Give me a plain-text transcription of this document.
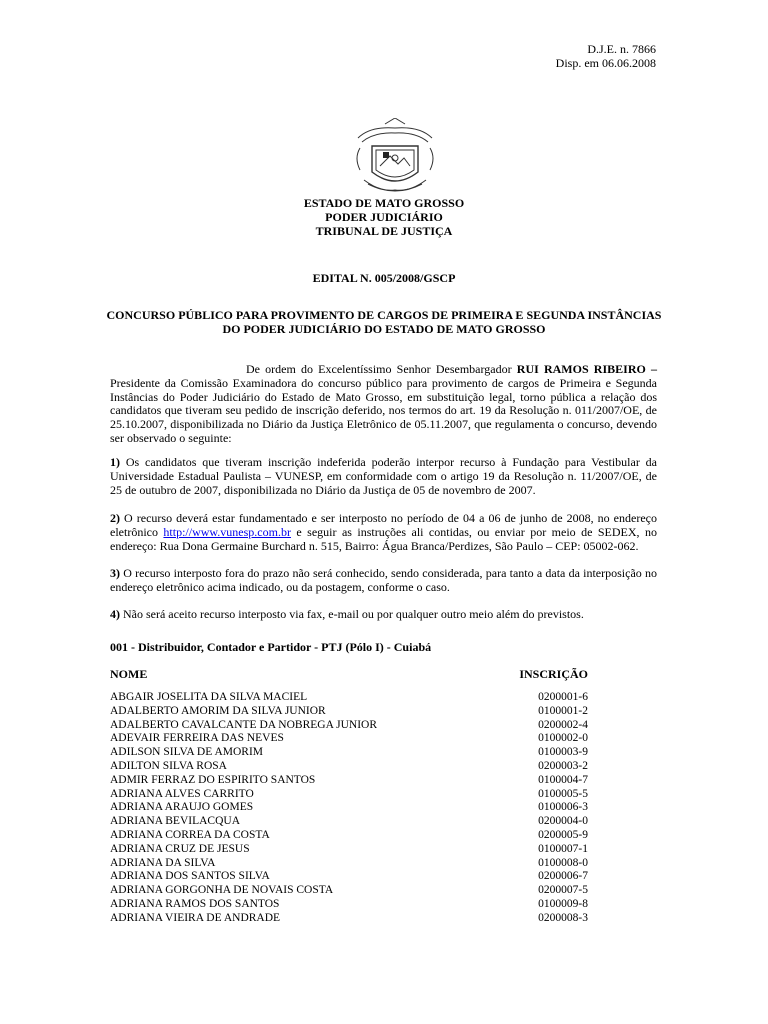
D.J.E. n. 7866
Disp. em 06.06.2008
ESTADO DE MATO GROSSO
PODER JUDICIÁRIO
TRIBUNAL DE JUSTIÇA
EDITAL N. 005/2008/GSCP
CONCURSO PÚBLICO PARA PROVIMENTO DE CARGOS DE PRIMEIRA E SEGUNDA INSTÂNCIAS
DO PODER JUDICIÁRIO DO ESTADO DE MATO GROSSO
De ordem do Excelentíssimo Senhor Desembargador RUI RAMOS RIBEIRO – Presidente da Comissão Examinadora do concurso público para provimento de cargos de Primeira e Segunda Instâncias do Poder Judiciário do Estado de Mato Grosso, em substituição legal, torno pública a relação dos candidatos que tiveram seu pedido de inscrição deferido, nos termos do art. 19 da Resolução n. 011/2007/OE, de 25.10.2007, disponibilizada no Diário da Justiça Eletrônico de 05.11.2007, que regulamenta o concurso, devendo ser observado o seguinte:
1) Os candidatos que tiveram inscrição indeferida poderão interpor recurso à Fundação para Vestibular da Universidade Estadual Paulista – VUNESP, em conformidade com o artigo 19 da Resolução n. 11/2007/OE, de 25 de outubro de 2007, disponibilizada no Diário da Justiça de 05 de novembro de 2007.
2) O recurso deverá estar fundamentado e ser interposto no período de 04 a 06 de junho de 2008, no endereço eletrônico http://www.vunesp.com.br e seguir as instruções ali contidas, ou enviar por meio de SEDEX, no endereço: Rua Dona Germaine Burchard n. 515, Bairro: Água Branca/Perdizes, São Paulo – CEP: 05002-062.
3) O recurso interposto fora do prazo não será conhecido, sendo considerada, para tanto a data da interposição no endereço eletrônico acima indicado, ou da postagem, conforme o caso.
4) Não será aceito recurso interposto via fax, e-mail ou por qualquer outro meio além do previstos.
001 - Distribuidor, Contador e Partidor - PTJ (Pólo I) - Cuiabá
NOME	INSCRIÇÃO
ABGAIR JOSELITA DA SILVA MACIEL	0200001-6
ADALBERTO AMORIM DA SILVA JUNIOR	0100001-2
ADALBERTO CAVALCANTE DA NOBREGA JUNIOR	0200002-4
ADEVAIR FERREIRA DAS NEVES	0100002-0
ADILSON SILVA DE AMORIM	0100003-9
ADILTON SILVA ROSA	0200003-2
ADMIR FERRAZ DO ESPIRITO SANTOS	0100004-7
ADRIANA ALVES CARRITO	0100005-5
ADRIANA ARAUJO GOMES	0100006-3
ADRIANA BEVILACQUA	0200004-0
ADRIANA CORREA DA COSTA	0200005-9
ADRIANA CRUZ DE JESUS	0100007-1
ADRIANA DA SILVA	0100008-0
ADRIANA DOS SANTOS SILVA	0200006-7
ADRIANA GORGONHA DE NOVAIS COSTA	0200007-5
ADRIANA RAMOS DOS SANTOS	0100009-8
ADRIANA VIEIRA DE ANDRADE	0200008-3
